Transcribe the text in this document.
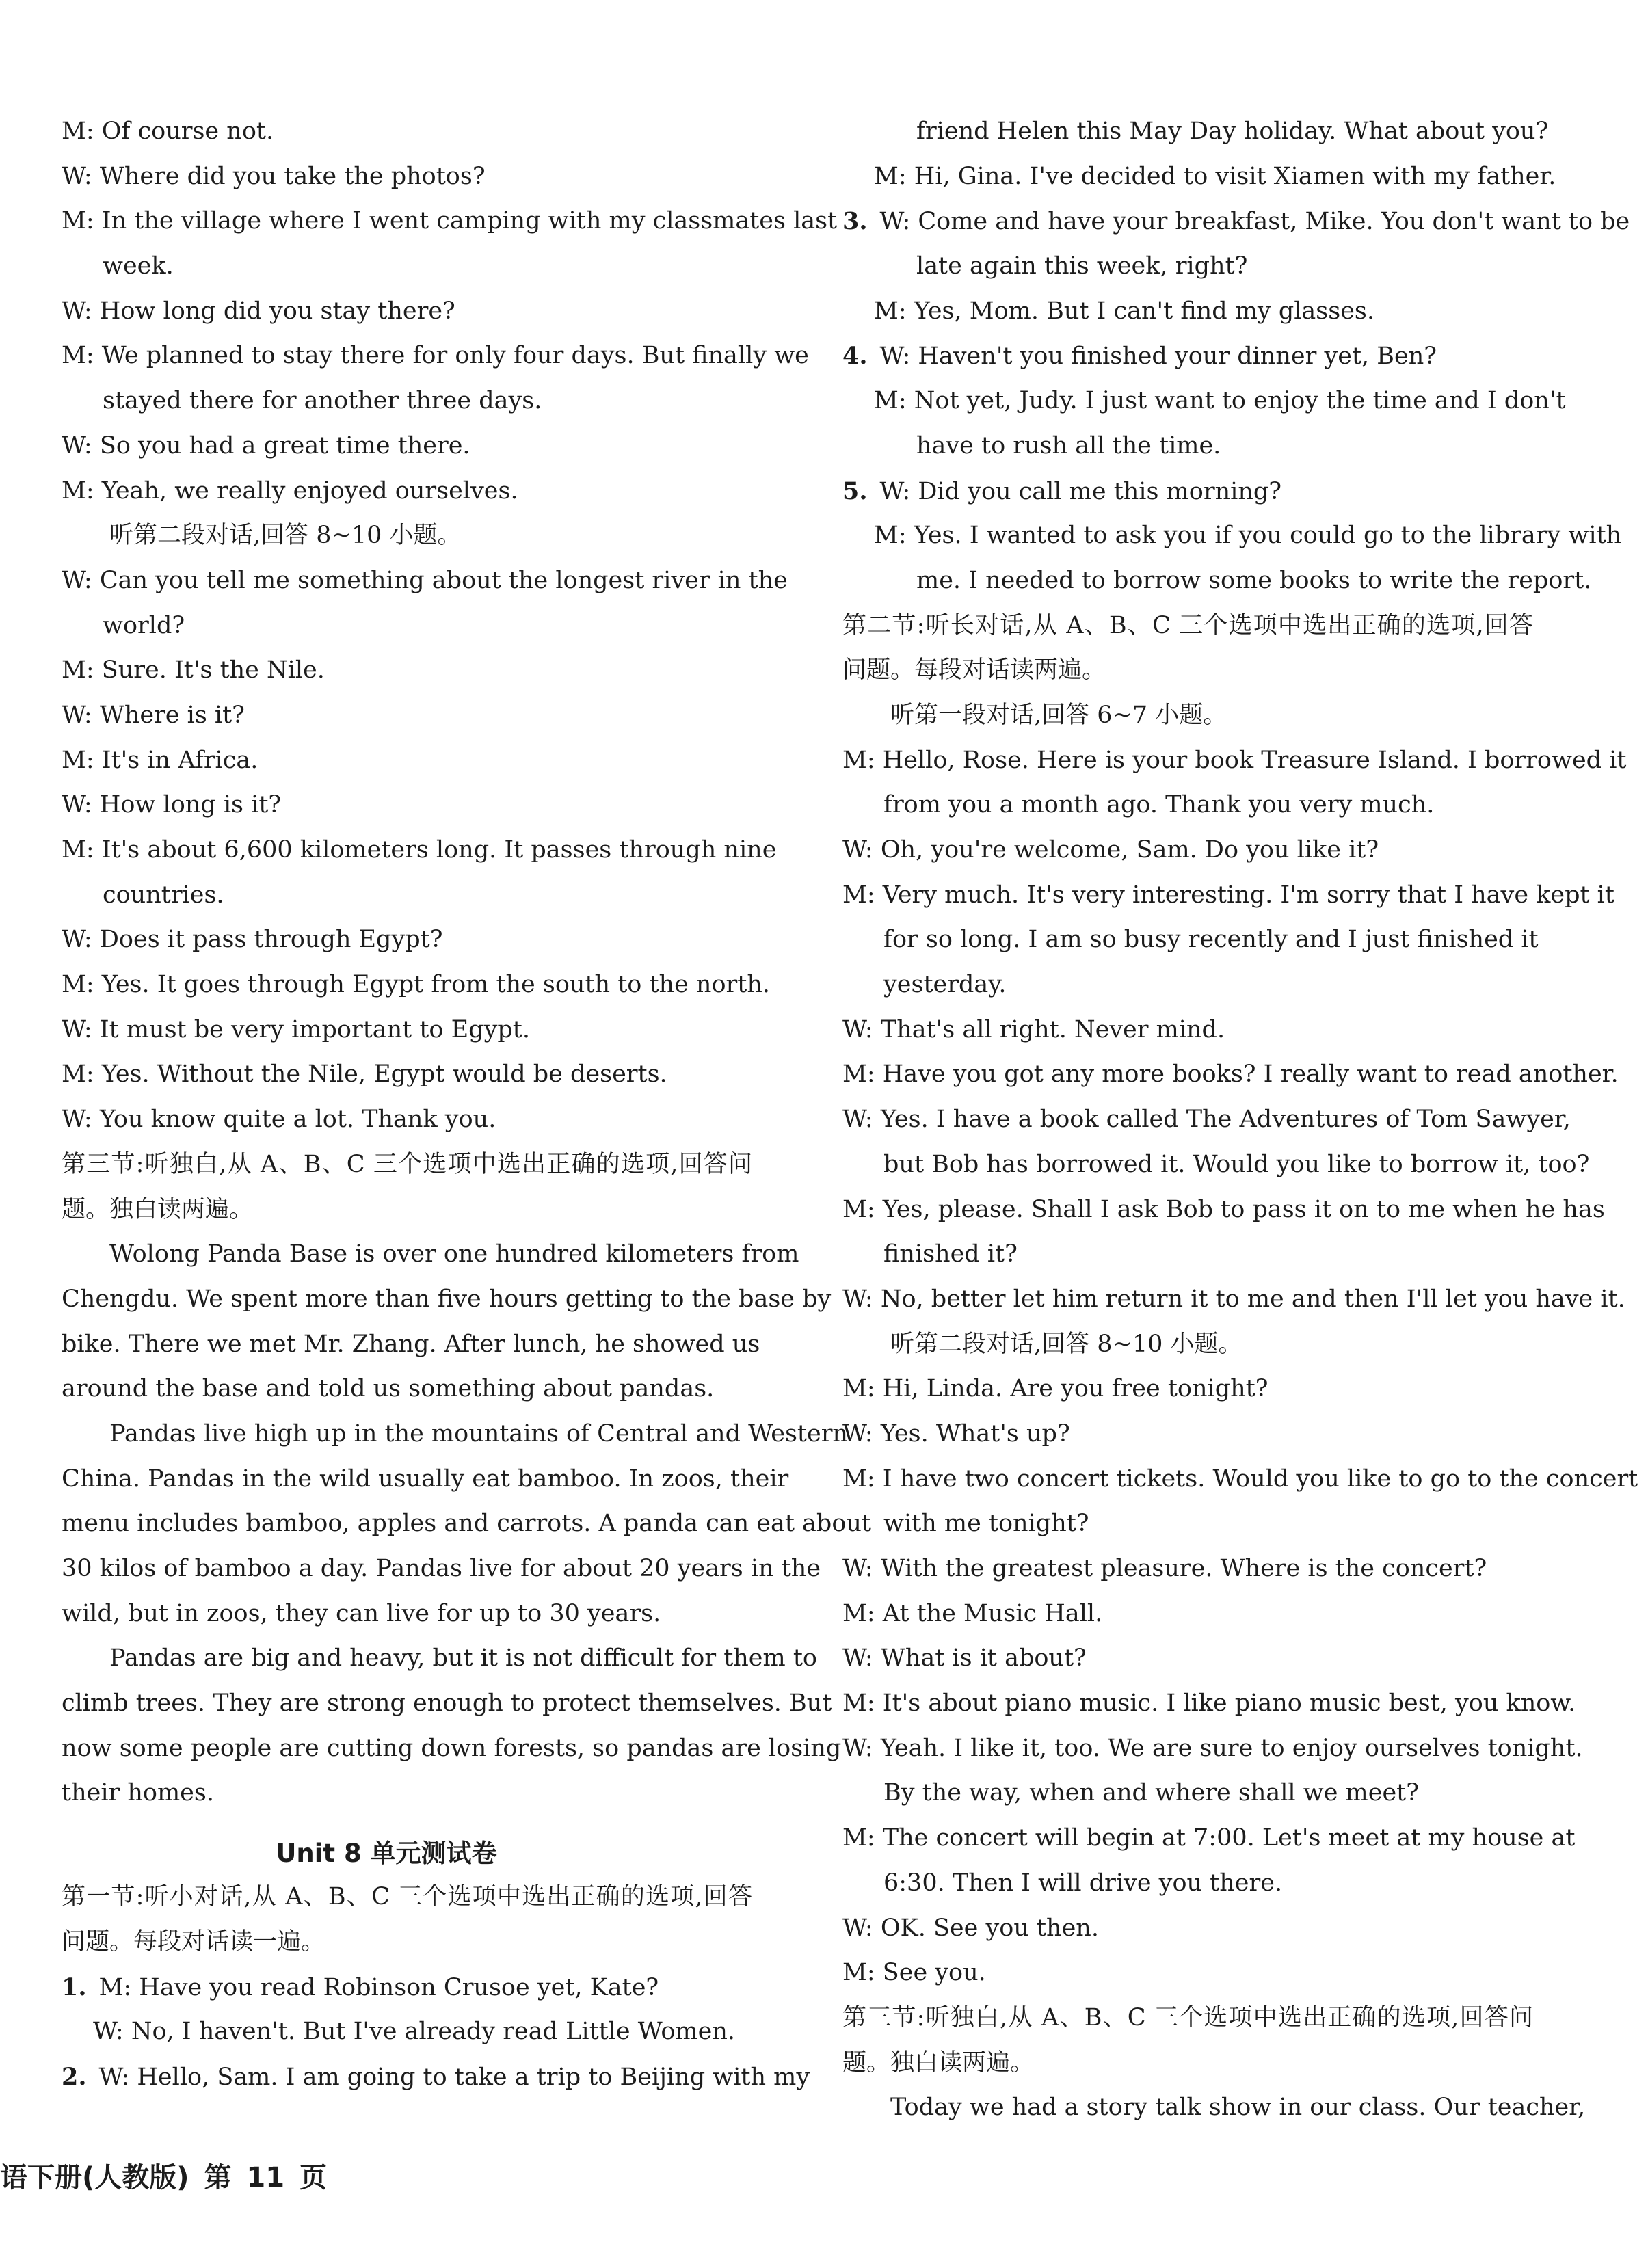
M: Of course not.
W: Where did you take the photos?
M: In the village where I went camping with my classmates last
week.
W: How long did you stay there?
M: We planned to stay there for only four days. But finally we
stayed there for another three days.
W: So you had a great time there.
M: Yeah, we really enjoyed ourselves.
听第二段对话,回答 8~10 小题。
W: Can you tell me something about the longest river in the
world?
M: Sure. It's the Nile.
W: Where is it?
M: It's in Africa.
W: How long is it?
M: It's about 6,600 kilometers long. It passes through nine
countries.
W: Does it pass through Egypt?
M: Yes. It goes through Egypt from the south to the north.
W: It must be very important to Egypt.
M: Yes. Without the Nile, Egypt would be deserts.
W: You know quite a lot. Thank you.
第三节:听独白,从 A、B、C 三个选项中选出正确的选项,回答问
题。独白读两遍。
Wolong Panda Base is over one hundred kilometers from
Chengdu. We spent more than five hours getting to the base by
bike. There we met Mr. Zhang. After lunch, he showed us
around the base and told us something about pandas.
Pandas live high up in the mountains of Central and Western
China. Pandas in the wild usually eat bamboo. In zoos, their
menu includes bamboo, apples and carrots. A panda can eat about
30 kilos of bamboo a day. Pandas live for about 20 years in the
wild, but in zoos, they can live for up to 30 years.
Pandas are big and heavy, but it is not difficult for them to
climb trees. They are strong enough to protect themselves. But
now some people are cutting down forests, so pandas are losing
their homes.
Unit 8 单元测试卷
第一节:听小对话,从 A、B、C 三个选项中选出正确的选项,回答
问题。每段对话读一遍。
1. M: Have you read Robinson Crusoe yet, Kate?
W: No, I haven't. But I've already read Little Women.
2. W: Hello, Sam. I am going to take a trip to Beijing with my
friend Helen this May Day holiday. What about you?
M: Hi, Gina. I've decided to visit Xiamen with my father.
3. W: Come and have your breakfast, Mike. You don't want to be
late again this week, right?
M: Yes, Mom. But I can't find my glasses.
4. W: Haven't you finished your dinner yet, Ben?
M: Not yet, Judy. I just want to enjoy the time and I don't
have to rush all the time.
5. W: Did you call me this morning?
M: Yes. I wanted to ask you if you could go to the library with
me. I needed to borrow some books to write the report.
第二节:听长对话,从 A、B、C 三个选项中选出正确的选项,回答
问题。每段对话读两遍。
听第一段对话,回答 6~7 小题。
M: Hello, Rose. Here is your book Treasure Island. I borrowed it
from you a month ago. Thank you very much.
W: Oh, you're welcome, Sam. Do you like it?
M: Very much. It's very interesting. I'm sorry that I have kept it
for so long. I am so busy recently and I just finished it
yesterday.
W: That's all right. Never mind.
M: Have you got any more books? I really want to read another.
W: Yes. I have a book called The Adventures of Tom Sawyer,
but Bob has borrowed it. Would you like to borrow it, too?
M: Yes, please. Shall I ask Bob to pass it on to me when he has
finished it?
W: No, better let him return it to me and then I'll let you have it.
听第二段对话,回答 8~10 小题。
M: Hi, Linda. Are you free tonight?
W: Yes. What's up?
M: I have two concert tickets. Would you like to go to the concert
with me tonight?
W: With the greatest pleasure. Where is the concert?
M: At the Music Hall.
W: What is it about?
M: It's about piano music. I like piano music best, you know.
W: Yeah. I like it, too. We are sure to enjoy ourselves tonight.
By the way, when and where shall we meet?
M: The concert will begin at 7:00. Let's meet at my house at
6:30. Then I will drive you there.
W: OK. See you then.
M: See you.
第三节:听独白,从 A、B、C 三个选项中选出正确的选项,回答问
题。独白读两遍。
Today we had a story talk show in our class. Our teacher,
语下册(人教版) 第 11 页
